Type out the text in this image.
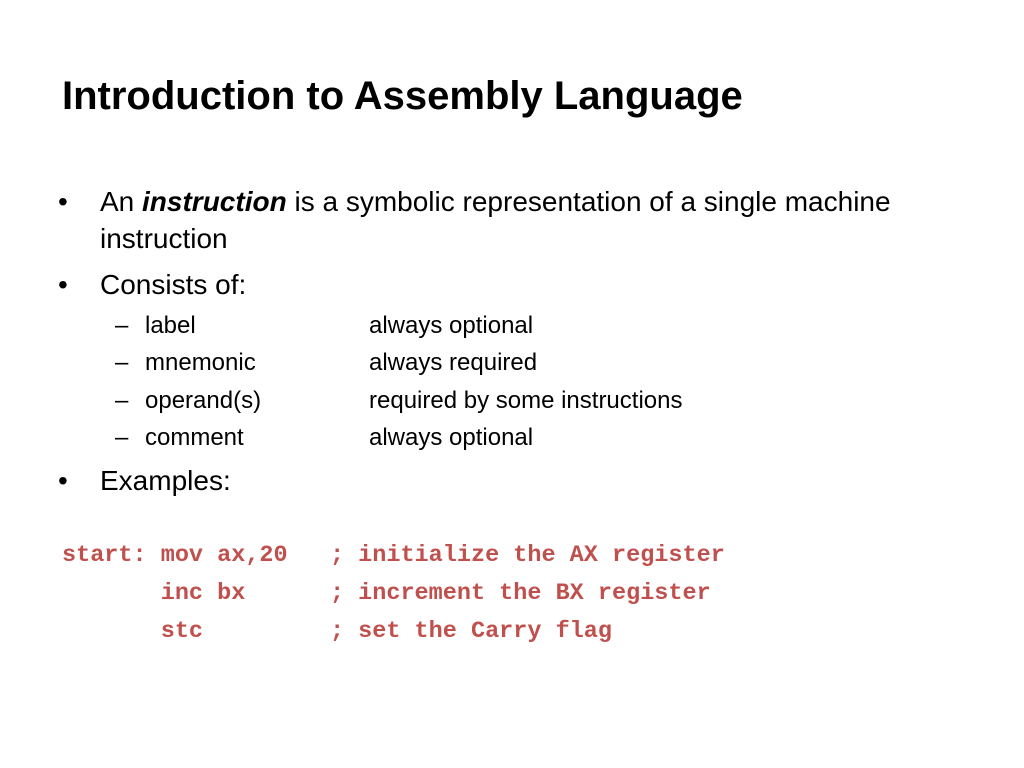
Introduction to Assembly Language
• An instruction is a symbolic representation of a single machine instruction
• Consists of:
– label	always optional
– mnemonic	always required
– operand(s)	required by some instructions
– comment	always optional
• Examples:
start: mov ax,20   ; initialize the AX register
inc bx      ; increment the BX register
stc         ; set the Carry flag
